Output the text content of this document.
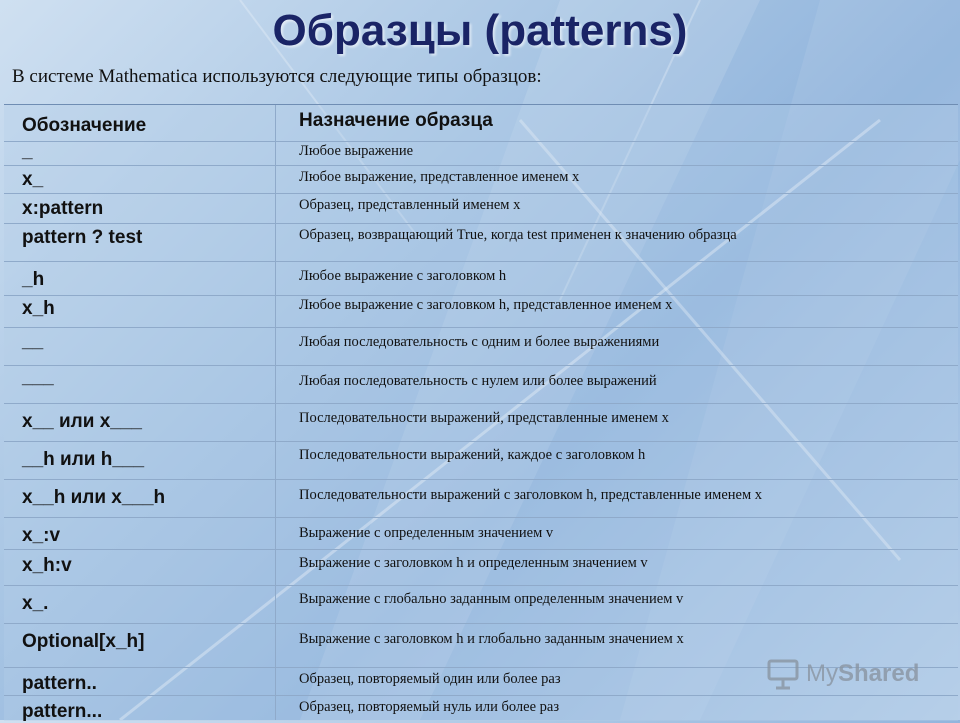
Образцы (patterns)
В системе Mathematica используются следующие типы образцов:
Обозначение	Назначение образца
_	Любое выражение
x_	Любое выражение, представленное именем x
x:pattern	Образец, представленный именем x
pattern ? test	Образец, возвращающий True, когда test применен к значению образца
_h	Любое выражение с заголовком h
x_h	Любое выражение с заголовком h, представленное именем x
__	Любая последовательность с одним и более выражениями
___	Любая последовательность с нулем или более выражений
x__ или x___	Последовательности выражений, представленные именем x
__h или h___	Последовательности выражений, каждое с заголовком h
x__h или x___h	Последовательности выражений с заголовком h, представленные именем x
x_:v	Выражение с определенным значением v
x_h:v	Выражение с заголовком h и определенным значением v
x_.	Выражение с глобально заданным определенным значением v
Optional[x_h]	Выражение с заголовком h и глобально заданным значением x
pattern..	Образец, повторяемый один или более раз
pattern...	Образец, повторяемый нуль или более раз
MyShared
